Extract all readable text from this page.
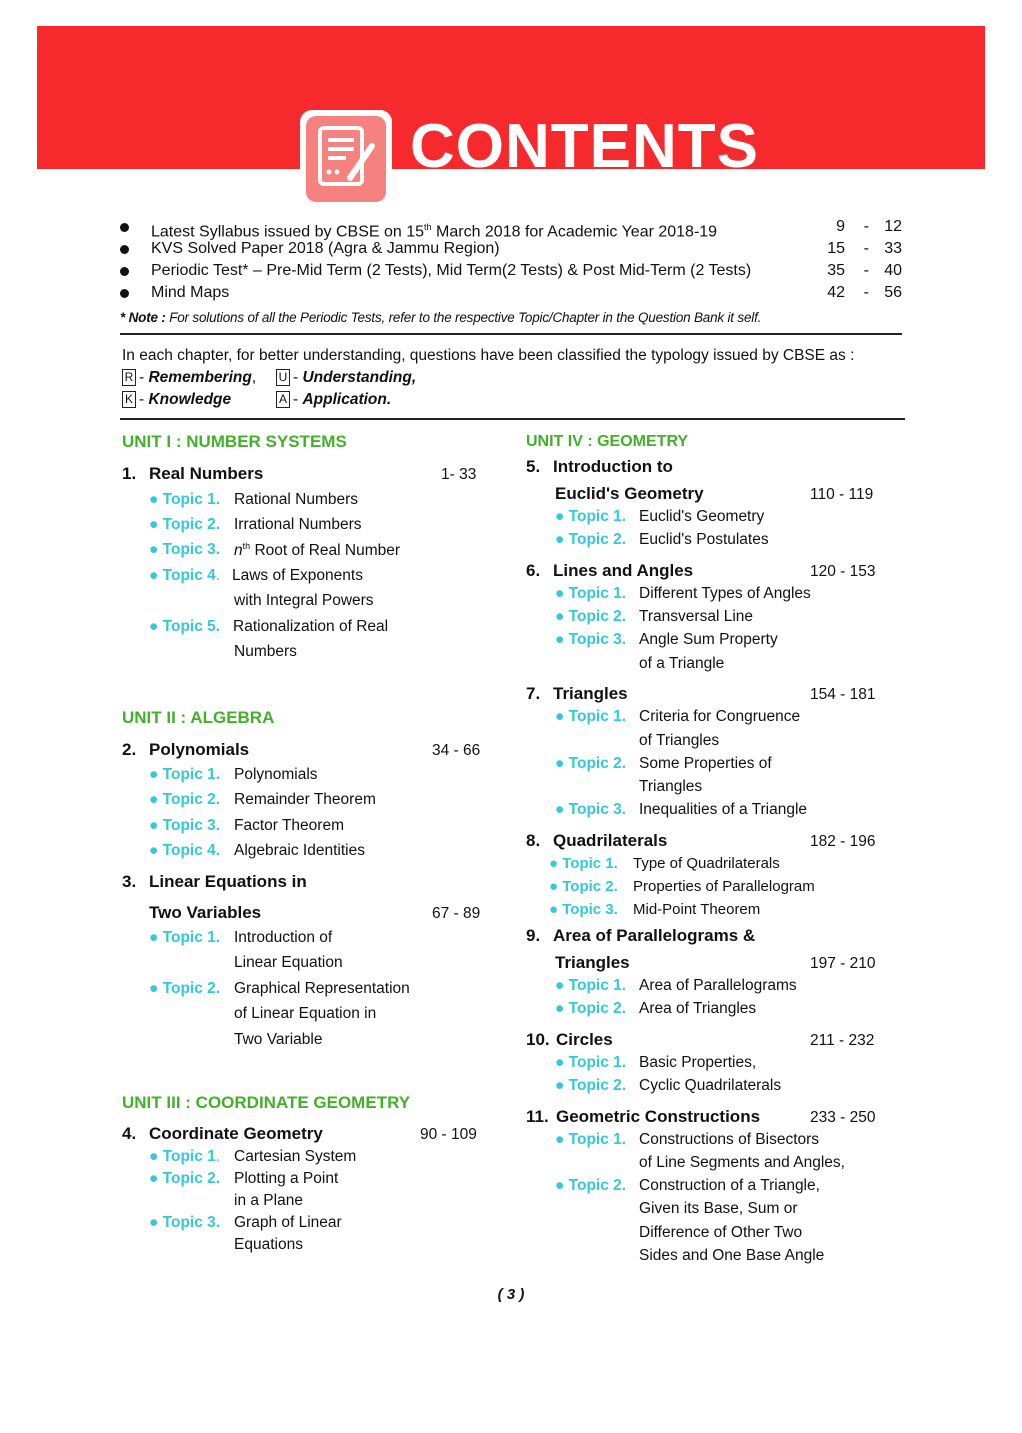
CONTENTS
Latest Syllabus issued by CBSE on 15th March 2018 for Academic Year 2018-19	9 - 12
KVS Solved Paper 2018 (Agra & Jammu Region)	15 - 33
Periodic Test* – Pre-Mid Term (2 Tests), Mid Term(2 Tests) & Post Mid-Term (2 Tests)	35 - 40
Mind Maps	42 - 56
* Note : For solutions of all the Periodic Tests, refer to the respective Topic/Chapter in the Question Bank it self.
In each chapter, for better understanding, questions have been classified the typology issued by CBSE as :
R - Remembering, U - Understanding,
K - Knowledge	A - Application.
UNIT I : NUMBER SYSTEMS
1. Real Numbers	1- 33
● Topic 1. Rational Numbers
● Topic 2. Irrational Numbers
● Topic 3. $n^{th}$ Root of Real Number
● Topic 4. Laws of Exponents
with Integral Powers
● Topic 5. Rationalization of Real
Numbers
UNIT II : ALGEBRA
2. Polynomials	34 - 66
● Topic 1. Polynomials
● Topic 2. Remainder Theorem
● Topic 3. Factor Theorem
● Topic 4. Algebraic Identities
3. Linear Equations in
Two Variables	67 - 89
● Topic 1. Introduction of
Linear Equation
● Topic 2. Graphical Representation
of Linear Equation in
Two Variable
UNIT III : COORDINATE GEOMETRY
4. Coordinate Geometry	90 - 109
● Topic 1. Cartesian System
● Topic 2. Plotting a Point
in a Plane
● Topic 3. Graph of Linear
Equations
UNIT IV : GEOMETRY
5. Introduction to
Euclid's Geometry	110 - 119
● Topic 1. Euclid's Geometry
● Topic 2. Euclid's Postulates
6. Lines and Angles	120 - 153
● Topic 1. Different Types of Angles
● Topic 2. Transversal Line
● Topic 3. Angle Sum Property
of a Triangle
7. Triangles	154 - 181
● Topic 1. Criteria for Congruence
of Triangles
● Topic 2. Some Properties of
Triangles
● Topic 3. Inequalities of a Triangle
8. Quadrilaterals	182 - 196
● Topic 1. Type of Quadrilaterals
● Topic 2. Properties of Parallelogram
● Topic 3. Mid-Point Theorem
9. Area of Parallelograms &
Triangles	197 - 210
● Topic 1. Area of Parallelograms
● Topic 2. Area of Triangles
10. Circles	211 - 232
● Topic 1. Basic Properties,
● Topic 2. Cyclic Quadrilaterals
11. Geometric Constructions	233 - 250
● Topic 1. Constructions of Bisectors
of Line Segments and Angles,
● Topic 2. Construction of a Triangle,
Given its Base, Sum or
Difference of Other Two
Sides and One Base Angle
( 3 )
